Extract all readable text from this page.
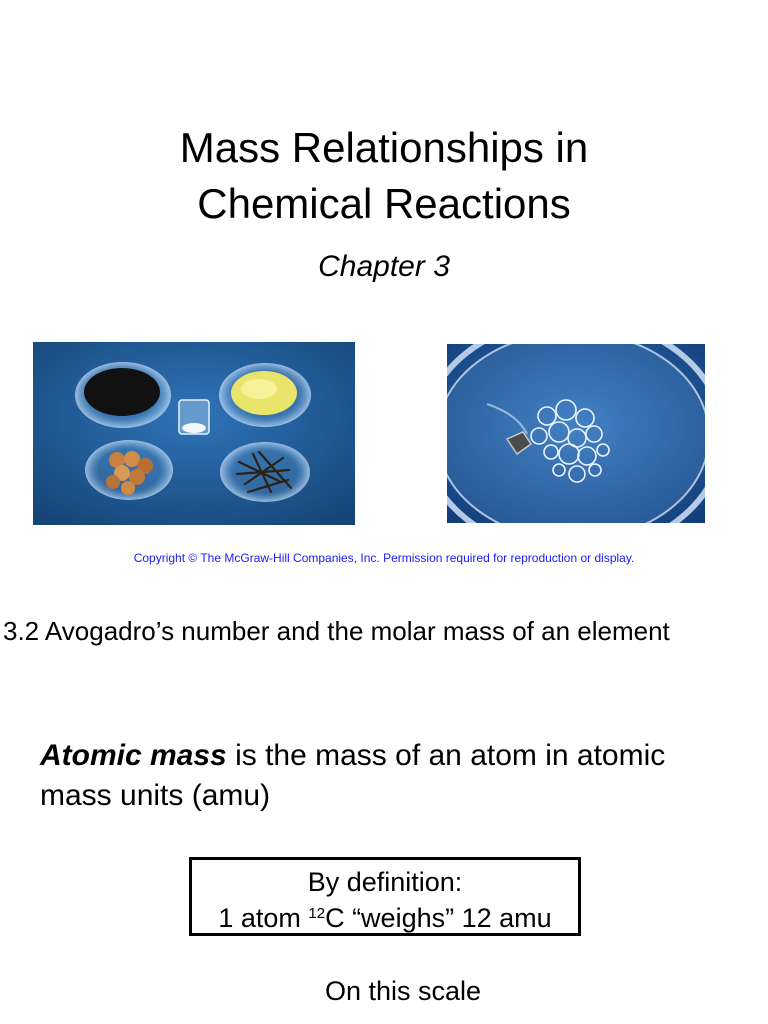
Mass Relationships in
Chemical Reactions
Chapter 3
Copyright © The McGraw-Hill Companies, Inc. Permission required for reproduction or display.
3.2 Avogadro’s number and the molar mass of an element
Atomic mass is the mass of an atom in atomic mass units (amu)
By definition:
1 atom $^{12}$C “weighs” 12 amu
On this scale
